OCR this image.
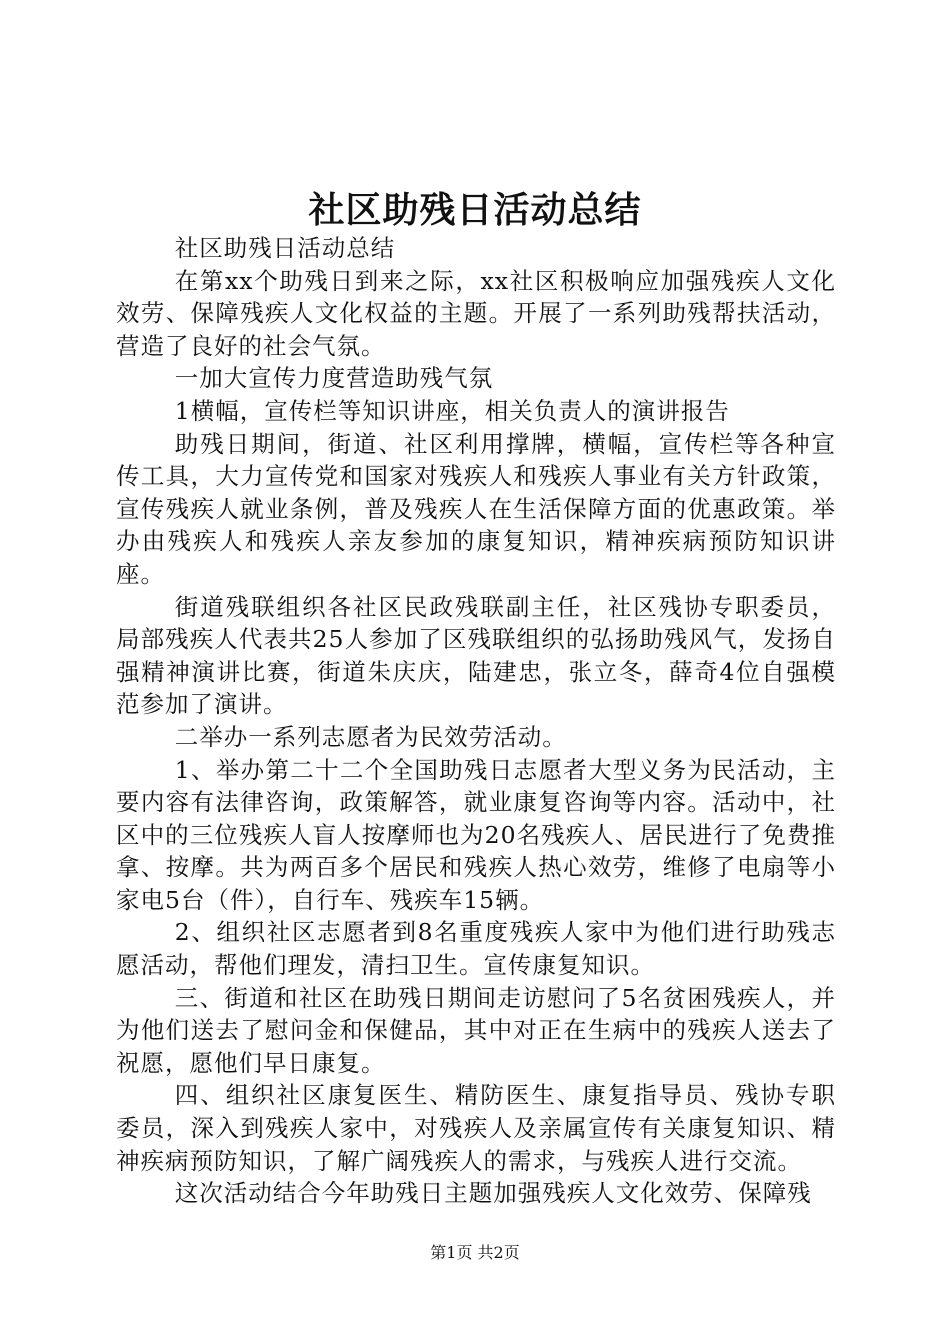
社区助残日活动总结

社区助残日活动总结

在第xx个助残日到来之际，xx社区积极响应加强残疾人文化效劳、保障残疾人文化权益的主题。开展了一系列助残帮扶活动，营造了良好的社会气氛。

一加大宣传力度营造助残气氛

1横幅，宣传栏等知识讲座，相关负责人的演讲报告

助残日期间，街道、社区利用撑牌，横幅，宣传栏等各种宣传工具，大力宣传党和国家对残疾人和残疾人事业有关方针政策，宣传残疾人就业条例，普及残疾人在生活保障方面的优惠政策。举办由残疾人和残疾人亲友参加的康复知识，精神疾病预防知识讲座。

街道残联组织各社区民政残联副主任，社区残协专职委员，局部残疾人代表共25人参加了区残联组织的弘扬助残风气，发扬自强精神演讲比赛，街道朱庆庆，陆建忠，张立冬，薛奇4位自强模范参加了演讲。

二举办一系列志愿者为民效劳活动。

1、举办第二十二个全国助残日志愿者大型义务为民活动，主要内容有法律咨询，政策解答，就业康复咨询等内容。活动中，社区中的三位残疾人盲人按摩师也为20名残疾人、居民进行了免费推拿、按摩。共为两百多个居民和残疾人热心效劳，维修了电扇等小家电5台（件），自行车、残疾车15辆。

2、组织社区志愿者到8名重度残疾人家中为他们进行助残志愿活动，帮他们理发，清扫卫生。宣传康复知识。

三、街道和社区在助残日期间走访慰问了5名贫困残疾人，并为他们送去了慰问金和保健品，其中对正在生病中的残疾人送去了祝愿，愿他们早日康复。

四、组织社区康复医生、精防医生、康复指导员、残协专职委员，深入到残疾人家中，对残疾人及亲属宣传有关康复知识、精神疾病预防知识，了解广阔残疾人的需求，与残疾人进行交流。

这次活动结合今年助残日主题加强残疾人文化效劳、保障残

第1页 共2页
